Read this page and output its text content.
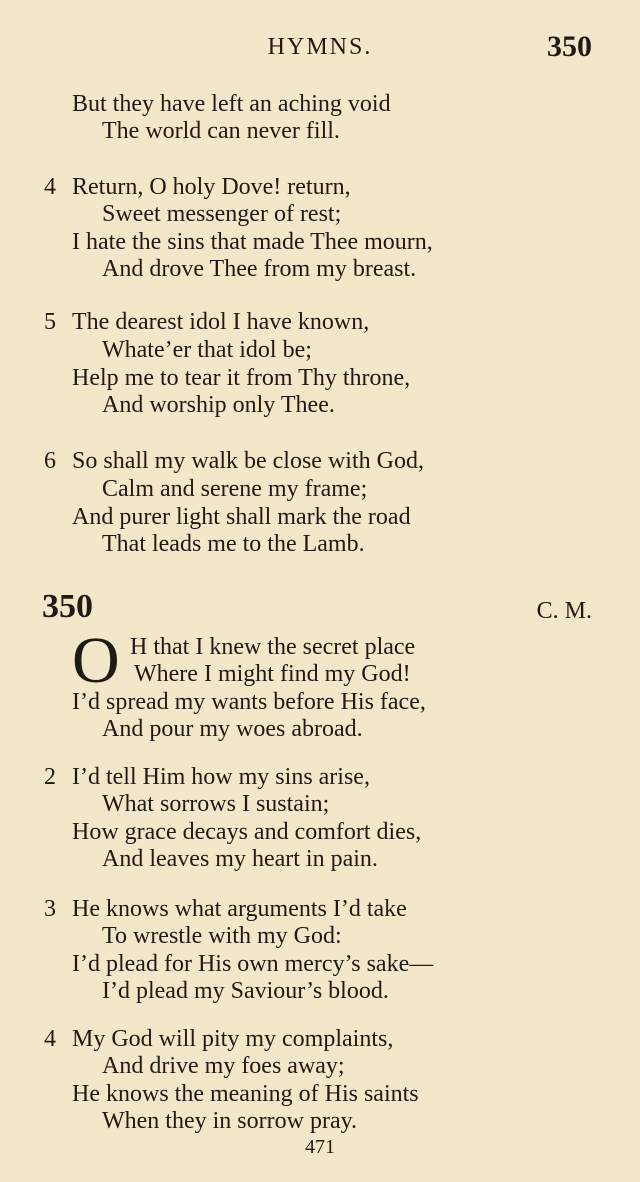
HYMNS.	350
But they have left an aching void
The world can never fill.
4 Return, O holy Dove! return,
Sweet messenger of rest;
I hate the sins that made Thee mourn,
And drove Thee from my breast.
5 The dearest idol I have known,
Whate’er that idol be;
Help me to tear it from Thy throne,
And worship only Thee.
6 So shall my walk be close with God,
Calm and serene my frame;
And purer light shall mark the road
That leads me to the Lamb.
350	C. M.
O H that I knew the secret place
Where I might find my God!
I’d spread my wants before His face,
And pour my woes abroad.
2 I’d tell Him how my sins arise,
What sorrows I sustain;
How grace decays and comfort dies,
And leaves my heart in pain.
3 He knows what arguments I’d take
To wrestle with my God:
I’d plead for His own mercy’s sake—
I’d plead my Saviour’s blood.
4 My God will pity my complaints,
And drive my foes away;
He knows the meaning of His saints
When they in sorrow pray.
471
